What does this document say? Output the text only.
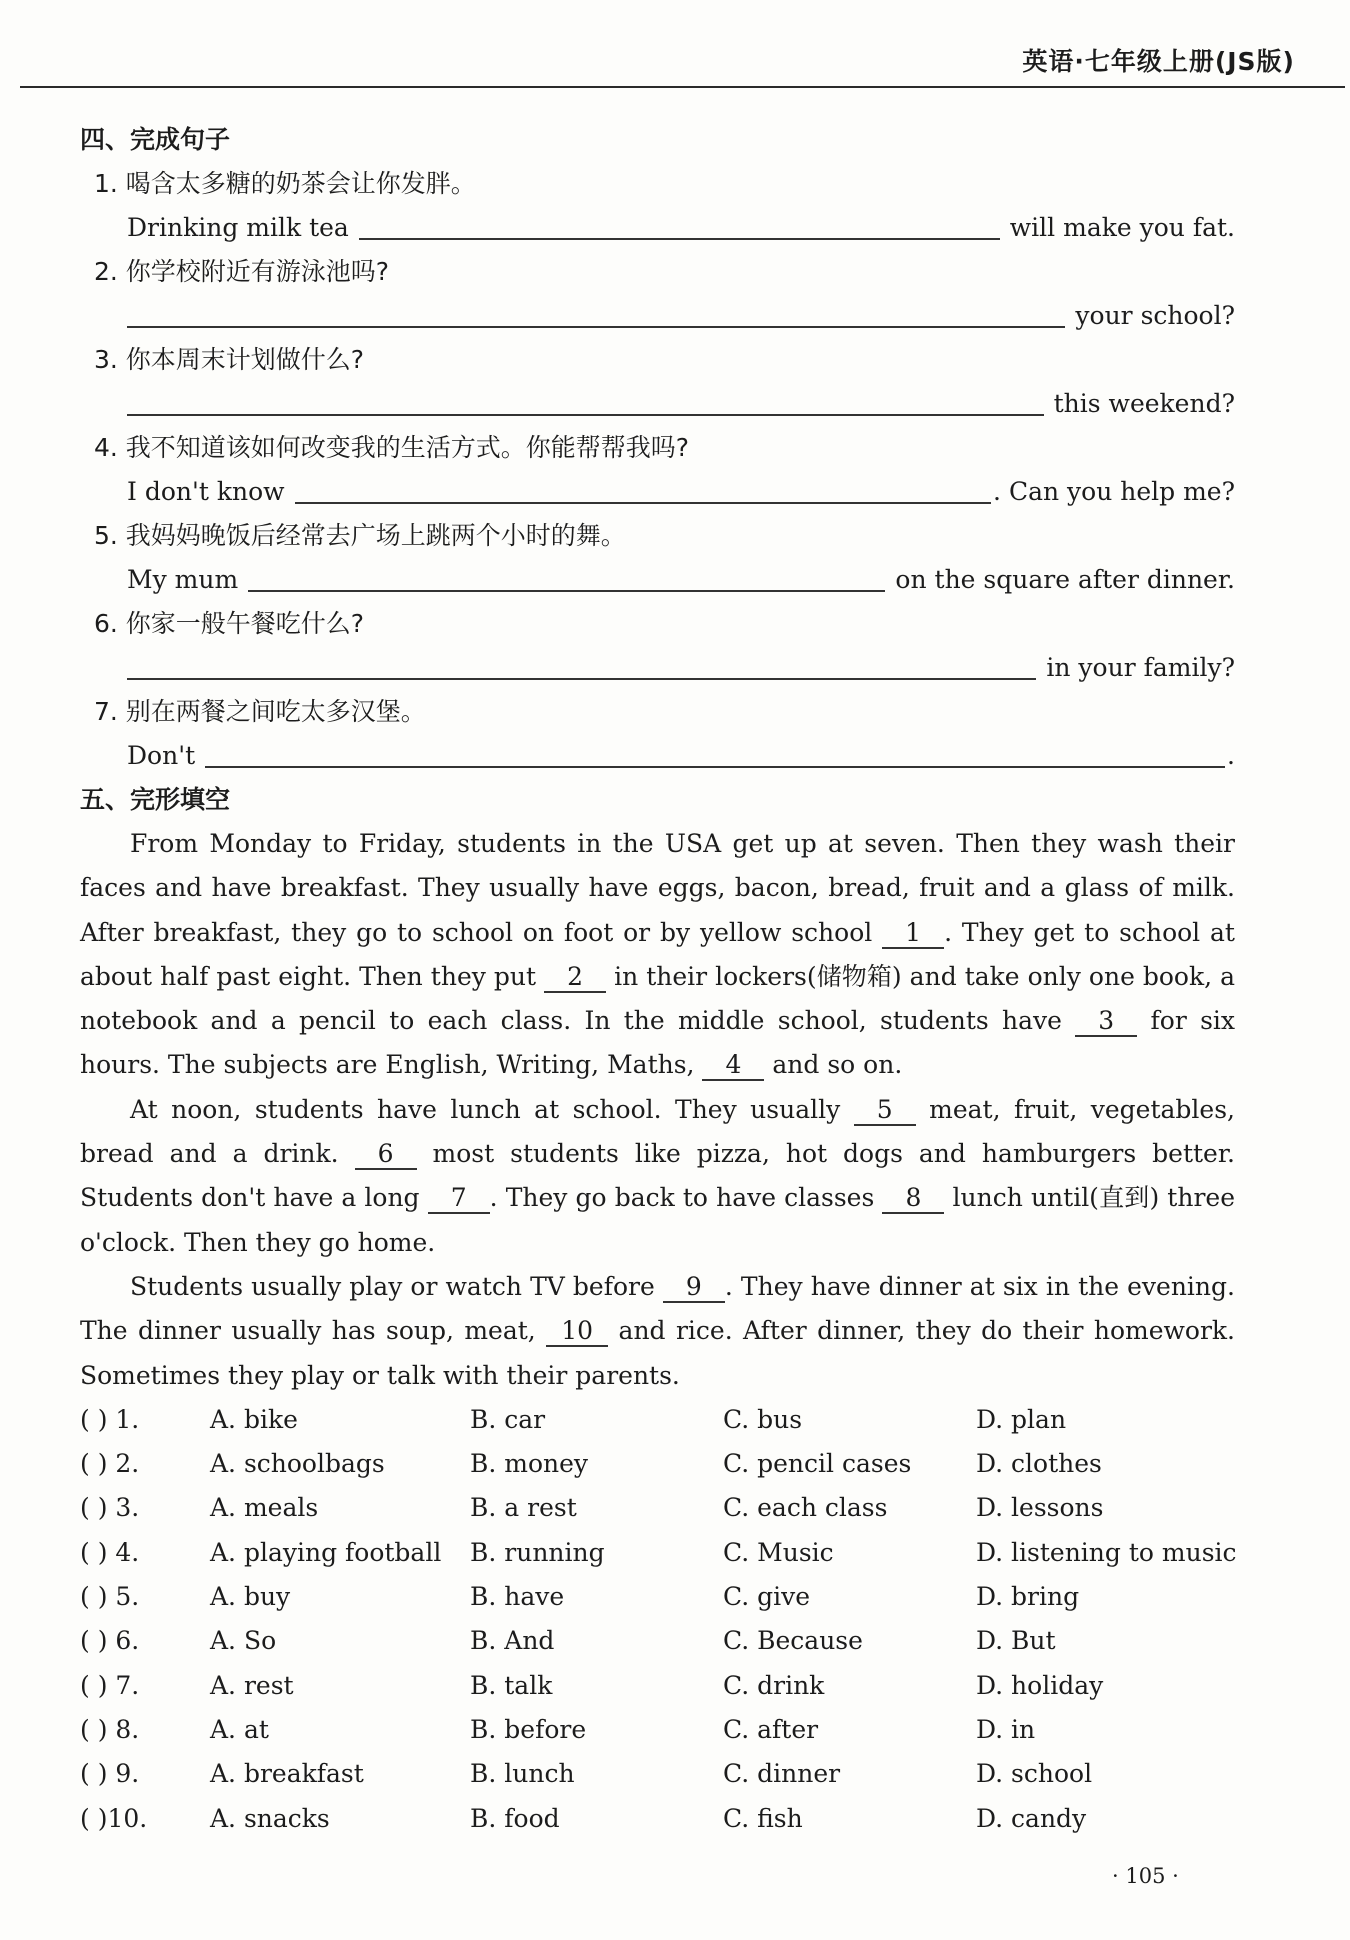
英语·七年级上册(JS版)
四、完成句子
1. 喝含太多糖的奶茶会让你发胖。
Drinking milk tea	will make you fat.
2. 你学校附近有游泳池吗?
your school?
3. 你本周末计划做什么?
this weekend?
4. 我不知道该如何改变我的生活方式。你能帮帮我吗?
I don't know	. Can you help me?
5. 我妈妈晚饭后经常去广场上跳两个小时的舞。
My mum	on the square after dinner.
6. 你家一般午餐吃什么?
in your family?
7. 别在两餐之间吃太多汉堡。
Don't	.
五、完形填空

From Monday to Friday, students in the USA get up at seven. Then they wash their faces and have breakfast. They usually have eggs, bacon, bread, fruit and a glass of milk. After breakfast, they go to school on foot or by yellow school 1 . They get to school at about half past eight. Then they put 2 in their lockers(储物箱) and take only one book, a notebook and a pencil to each class. In the middle school, students have 3 for six hours. The subjects are English, Writing, Maths, 4 and so on.

At noon, students have lunch at school. They usually 5 meat, fruit, vegetables, bread and a drink. 6 most students like pizza, hot dogs and hamburgers better. Students don't have a long 7 . They go back to have classes 8 lunch until(直到) three o'clock. Then they go home.

Students usually play or watch TV before 9 . They have dinner at six in the evening. The dinner usually has soup, meat, 10 and rice. After dinner, they do their homework. Sometimes they play or talk with their parents.

( ) 1.	A. bike	B. car	C. bus	D. plan
( ) 2.	A. schoolbags	B. money	C. pencil cases	D. clothes
( ) 3.	A. meals	B. a rest	C. each class	D. lessons
( ) 4.	A. playing football	B. running	C. Music	D. listening to music
( ) 5.	A. buy	B. have	C. give	D. bring
( ) 6.	A. So	B. And	C. Because	D. But
( ) 7.	A. rest	B. talk	C. drink	D. holiday
( ) 8.	A. at	B. before	C. after	D. in
( ) 9.	A. breakfast	B. lunch	C. dinner	D. school
( )10.	A. snacks	B. food	C. fish	D. candy
· 105 ·
